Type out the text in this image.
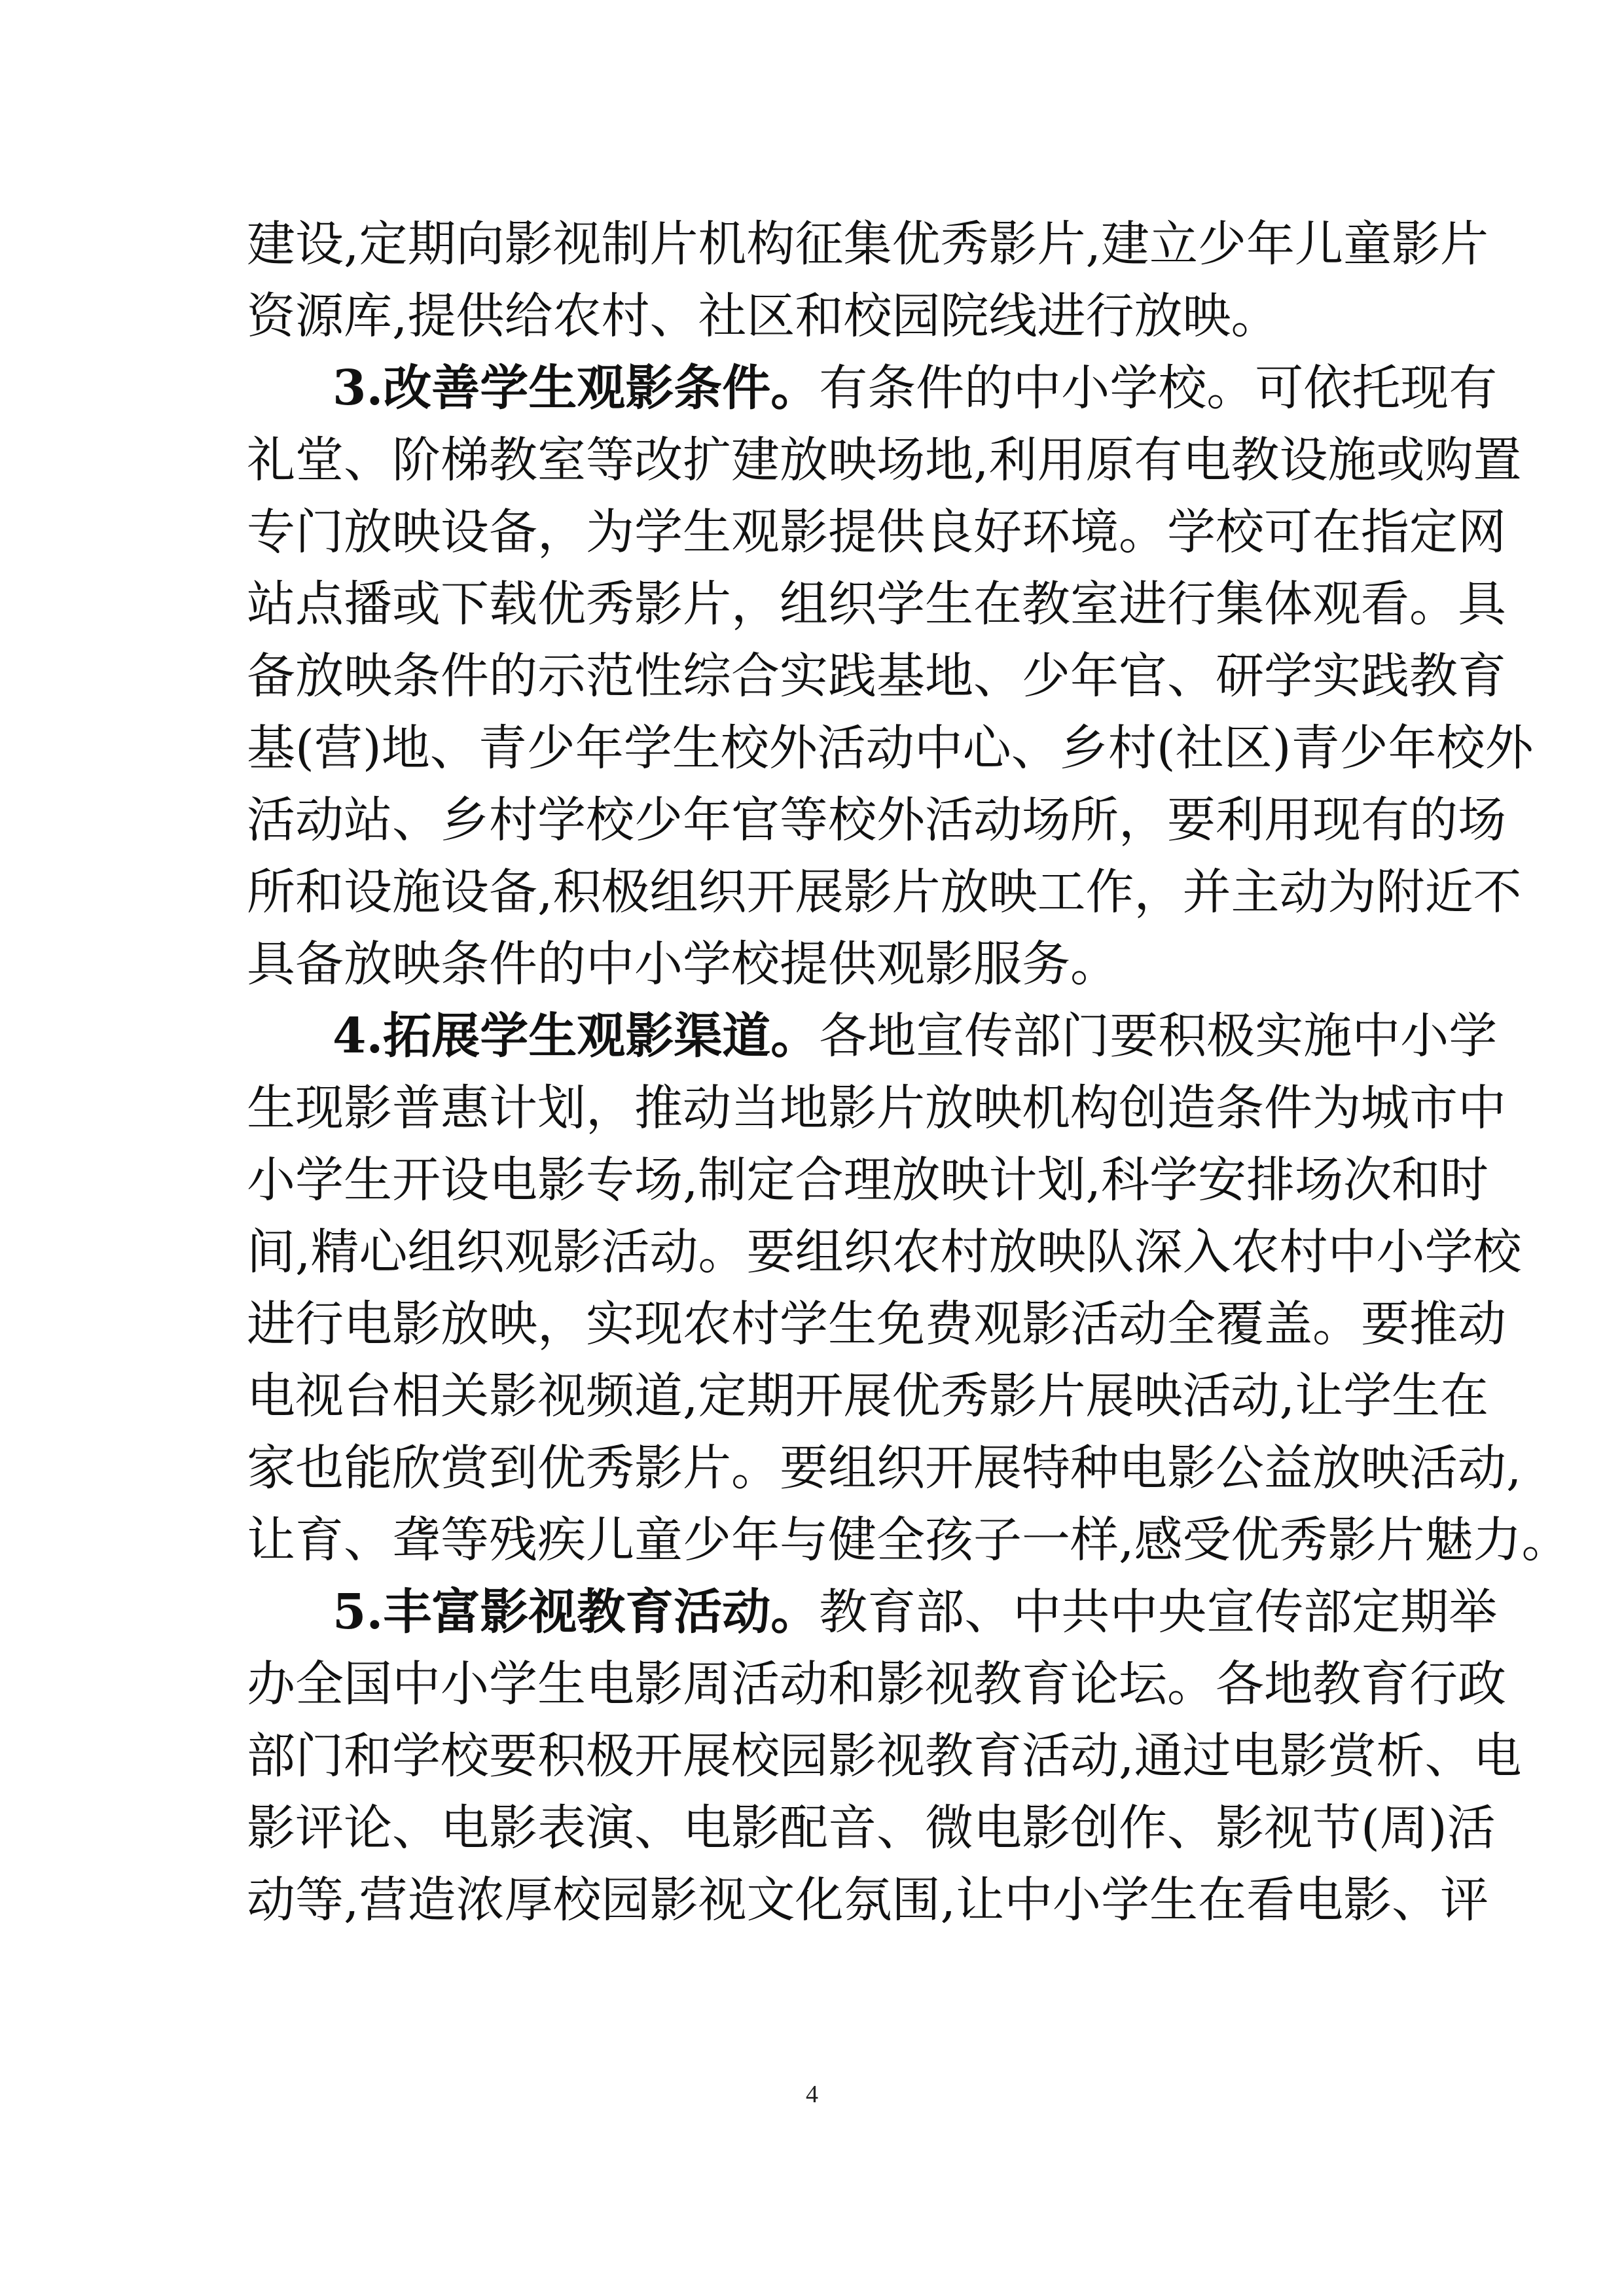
建设,定期向影视制片机构征集优秀影片,建立少年儿童影片
资源库,提供给农村、社区和校园院线进行放映。
3.改善学生观影条件。有条件的中小学校。可依托现有
礼堂、阶梯教室等改扩建放映场地,利用原有电教设施或购置
专门放映设备，为学生观影提供良好环境。学校可在指定网
站点播或下载优秀影片，组织学生在教室进行集体观看。具
备放映条件的示范性综合实践基地、少年官、研学实践教育
基(营)地、青少年学生校外活动中心、乡村(社区)青少年校外
活动站、乡村学校少年官等校外活动场所，要利用现有的场
所和设施设备,积极组织开展影片放映工作，并主动为附近不
具备放映条件的中小学校提供观影服务。
4.拓展学生观影渠道。各地宣传部门要积极实施中小学
生现影普惠计划，推动当地影片放映机构创造条件为城市中
小学生开设电影专场,制定合理放映计划,科学安排场次和时
间,精心组织观影活动。要组织农村放映队深入农村中小学校
进行电影放映，实现农村学生免费观影活动全覆盖。要推动
电视台相关影视频道,定期开展优秀影片展映活动,让学生在
家也能欣赏到优秀影片。要组织开展特种电影公益放映活动,
让育、聋等残疾儿童少年与健全孩子一样,感受优秀影片魅力。
5.丰富影视教育活动。教育部、中共中央宣传部定期举
办全国中小学生电影周活动和影视教育论坛。各地教育行政
部门和学校要积极开展校园影视教育活动,通过电影赏析、电
影评论、电影表演、电影配音、微电影创作、影视节(周)活
动等,营造浓厚校园影视文化氛围,让中小学生在看电影、评
4
